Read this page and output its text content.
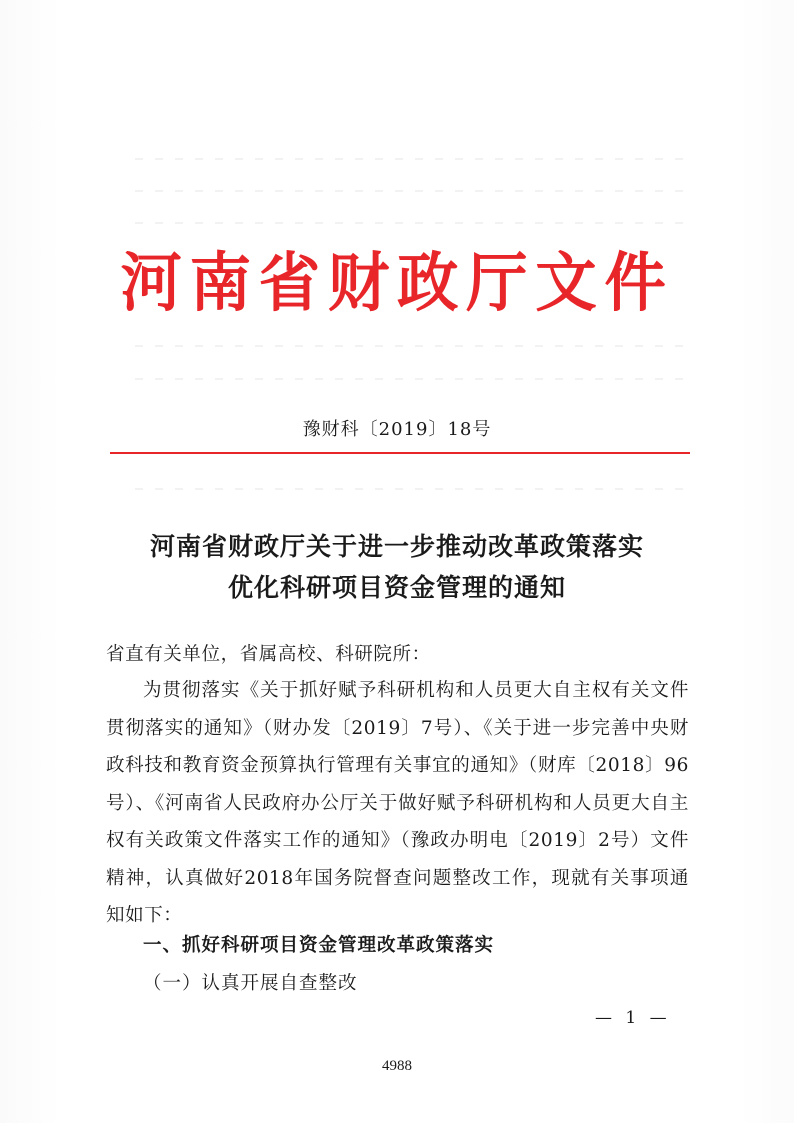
河南省财政厅文件
豫财科〔2019〕18号
河南省财政厅关于进一步推动改革政策落实
优化科研项目资金管理的通知
省直有关单位，省属高校、科研院所：
为贯彻落实《关于抓好赋予科研机构和人员更大自主权有关文件贯彻落实的通知》（财办发〔2019〕7号）、《关于进一步完善中央财政科技和教育资金预算执行管理有关事宜的通知》（财库〔2018〕96号）、《河南省人民政府办公厅关于做好赋予科研机构和人员更大自主权有关政策文件落实工作的通知》（豫政办明电〔2019〕2号）文件精神，认真做好2018年国务院督查问题整改工作，现就有关事项通知如下：
一、抓好科研项目资金管理改革政策落实
（一）认真开展自查整改
— 1 —
4988
